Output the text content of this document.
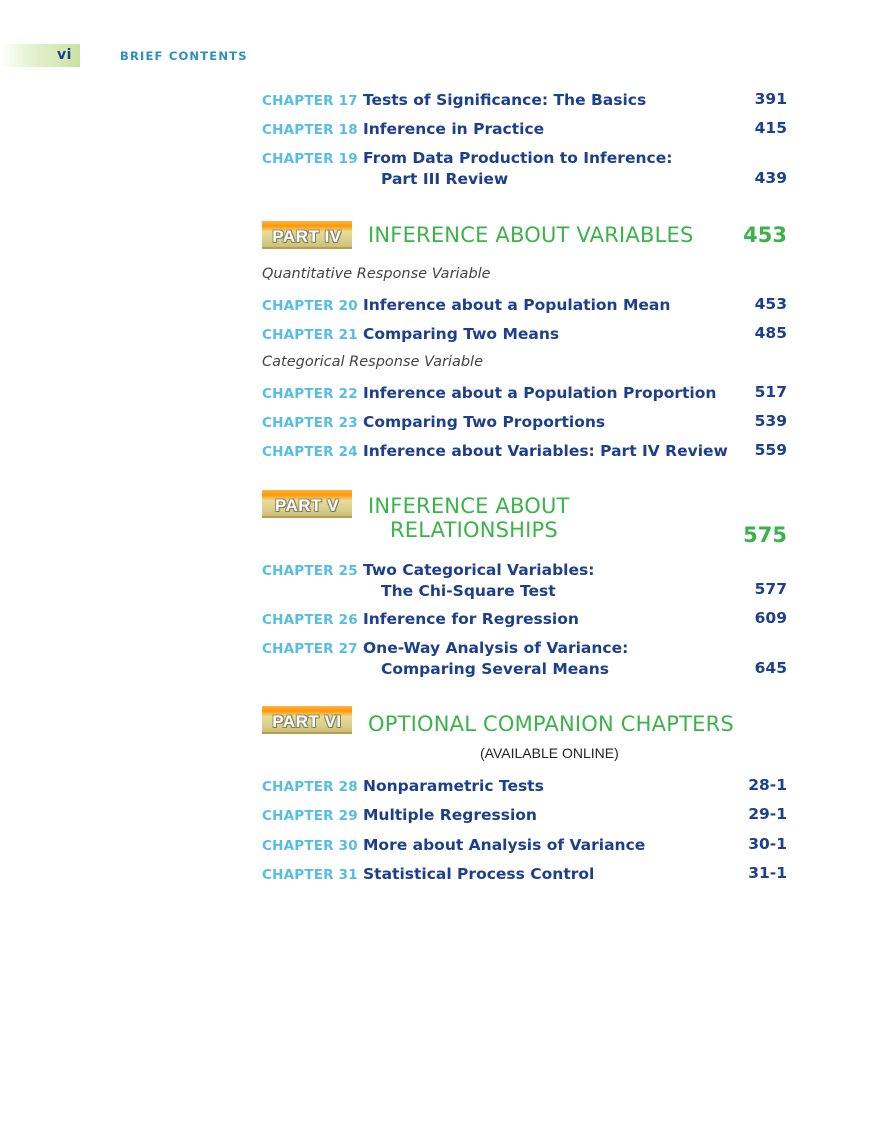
vi	BRIEF CONTENTS
CHAPTER 17 Tests of Significance: The Basics	391
CHAPTER 18 Inference in Practice	415
CHAPTER 19 From Data Production to Inference:
Part III Review	439
PART IV	INFERENCE ABOUT VARIABLES 453
Quantitative Response Variable
CHAPTER 20 Inference about a Population Mean	453
CHAPTER 21 Comparing Two Means	485
Categorical Response Variable
CHAPTER 22 Inference about a Population Proportion 517
CHAPTER 23 Comparing Two Proportions	539
CHAPTER 24 Inference about Variables: Part IV Review 559
PART V	INFERENCE ABOUT
RELATIONSHIPS	575
CHAPTER 25 Two Categorical Variables:
The Chi-Square Test	577
CHAPTER 26 Inference for Regression	609
CHAPTER 27 One-Way Analysis of Variance:
Comparing Several Means	645
PART VI	OPTIONAL COMPANION CHAPTERS
(AVAILABLE ONLINE)
CHAPTER 28 Nonparametric Tests	28-1
CHAPTER 29 Multiple Regression	29-1
CHAPTER 30 More about Analysis of Variance	30-1
CHAPTER 31 Statistical Process Control	31-1
